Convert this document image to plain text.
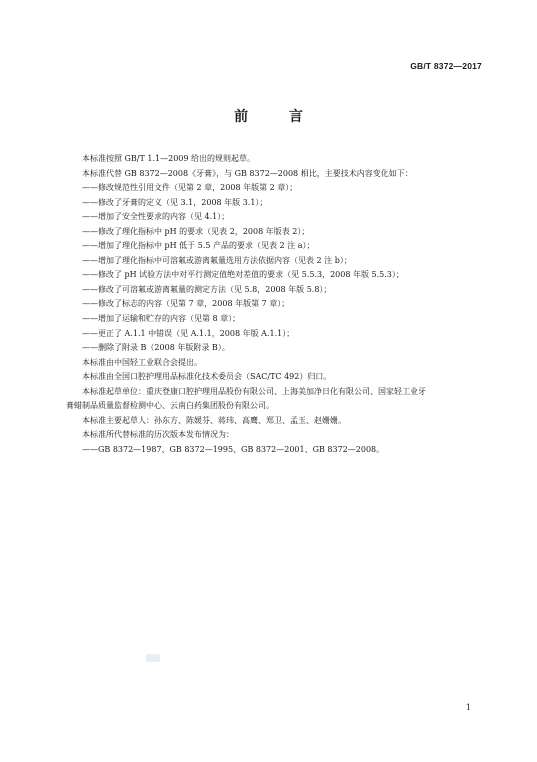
GB/T 8372—2017
前 言
本标准按照 GB/T 1.1—2009 给出的规则起草。
本标准代替 GB 8372—2008《牙膏》，与 GB 8372—2008 相比，主要技术内容变化如下：
——修改规范性引用文件（见第 2 章，2008 年版第 2 章）；
——修改了牙膏的定义（见 3.1，2008 年版 3.1）；
——增加了安全性要求的内容（见 4.1）；
——修改了理化指标中 pH 的要求（见表 2，2008 年版表 2）；
——增加了理化指标中 pH 低于 5.5 产品的要求（见表 2 注 a）；
——增加了理化指标中可溶氟或游离氟量选用方法依据内容（见表 2 注 b）；
——修改了 pH 试验方法中对平行测定值绝对差值的要求（见 5.5.3，2008 年版 5.5.3）；
——修改了可溶氟或游离氟量的测定方法（见 5.8，2008 年版 5.8）；
——修改了标志的内容（见第 7 章，2008 年版第 7 章）；
——增加了运输和贮存的内容（见第 8 章）；
——更正了 A.1.1 中错误（见 A.1.1，2008 年版 A.1.1）；
——删除了附录 B（2008 年版附录 B）。
本标准由中国轻工业联合会提出。
本标准由全国口腔护理用品标准化技术委员会（SAC/TC 492）归口。
本标准起草单位：重庆登康口腔护理用品股份有限公司、上海美加净日化有限公司、国家轻工业牙
膏蜡制品质量监督检测中心、云南白药集团股份有限公司。
本标准主要起草人：孙东方、陈媛芬、蒋玮、高鹰、郑卫、孟玉、赵姗姗。
本标准所代替标准的历次版本发布情况为：
——GB 8372—1987、GB 8372—1995、GB 8372—2001、GB 8372—2008。
1
